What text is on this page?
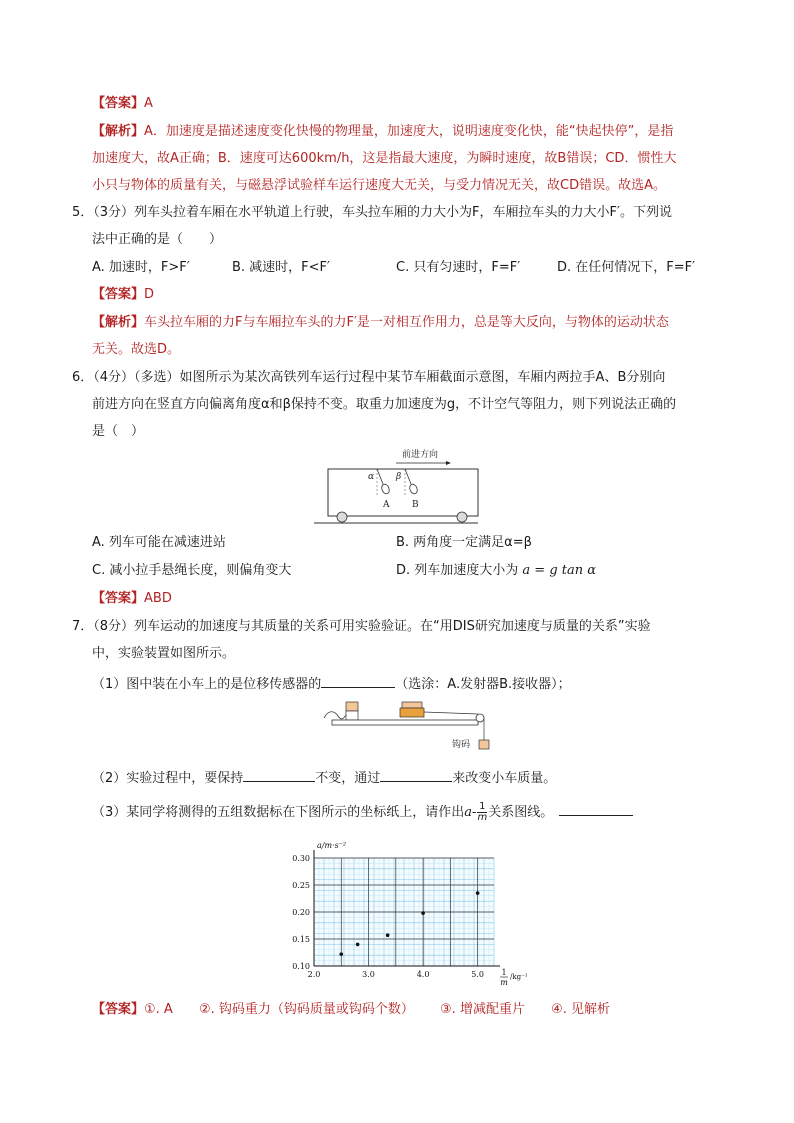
【答案】A
【解析】A．加速度是描述速度变化快慢的物理量，加速度大，说明速度变化快，能“快起快停”，是指
加速度大，故A正确；B．速度可达600km/h，这是指最大速度，为瞬时速度，故B错误；CD．惯性大
小只与物体的质量有关，与磁悬浮试验样车运行速度大无关，与受力情况无关，故CD错误。故选A。
5．（3分）列车头拉着车厢在水平轨道上行驶，车头拉车厢的力大小为F，车厢拉车头的力大小F′。下列说
法中正确的是（　　）
A. 加速时，F>F′	B. 减速时，F<F′	C. 只有匀速时，F=F′	D. 在任何情况下，F=F′
【答案】D
【解析】车头拉车厢的力F与车厢拉车头的力F′是一对相互作用力，总是等大反向，与物体的运动状态
无关。故选D。
6．（4分）（多选）如图所示为某次高铁列车运行过程中某节车厢截面示意图，车厢内两拉手A、B分别向
前进方向在竖直方向偏离角度α和β保持不变。取重力加速度为g，不计空气等阻力，则下列说法正确的
是（　）
前进方向
α
A
β
B
A. 列车可能在减速进站	B. 两角度一定满足α=β
C. 减小拉手悬绳长度，则偏角变大	D. 列车加速度大小为 a = g tan α
【答案】ABD
7．（8分）列车运动的加速度与其质量的关系可用实验验证。在“用DIS研究加速度与质量的关系”实验
中，实验装置如图所示。
（1）图中装在小车上的是位移传感器的	（选涂：A.发射器B.接收器）；
钩码
（2）实验过程中，要保持	不变，通过	来改变小车质量。
（3）某同学将测得的五组数据标在下图所示的坐标纸上，请作出$a- \frac{1}{m}$ 关系图线。
a/m·s⁻²
0.10
0.15
0.20
0.25
0.30
2.0	3.0	4.0	5.0 1
m
/kg⁻¹
【答案】①. A ②. 钩码重力（钩码质量或钩码个数） ③. 增减配重片 ④. 见解析
